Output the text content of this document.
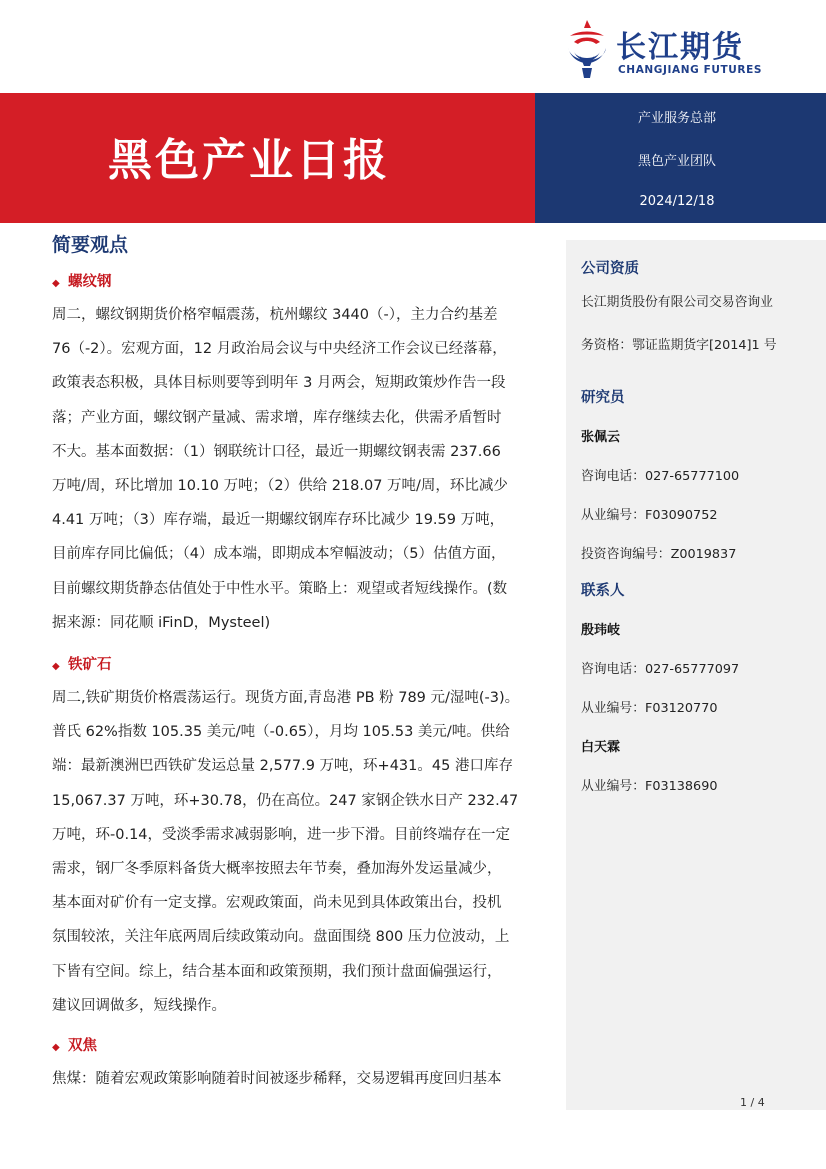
长江期货
CHANGJIANG FUTURES
黑色产业日报
产业服务总部
黑色产业团队
2024/12/18
简要观点
◆ 螺纹钢
周二，螺纹钢期货价格窄幅震荡，杭州螺纹 3440（-），主力合约基差
76（-2）。宏观方面，12 月政治局会议与中央经济工作会议已经落幕，
政策表态积极，具体目标则要等到明年 3 月两会，短期政策炒作告一段
落；产业方面，螺纹钢产量减、需求增，库存继续去化，供需矛盾暂时
不大。基本面数据：（1）钢联统计口径，最近一期螺纹钢表需 237.66
万吨/周，环比增加 10.10 万吨；（2）供给 218.07 万吨/周，环比减少
4.41 万吨；（3）库存端，最近一期螺纹钢库存环比减少 19.59 万吨，
目前库存同比偏低；（4）成本端，即期成本窄幅波动；（5）估值方面，
目前螺纹期货静态估值处于中性水平。策略上：观望或者短线操作。(数
据来源：同花顺 iFinD，Mysteel)
◆ 铁矿石
周二,铁矿期货价格震荡运行。现货方面,青岛港 PB 粉 789 元/湿吨(-3)。
普氏 62%指数 105.35 美元/吨（-0.65），月均 105.53 美元/吨。供给
端：最新澳洲巴西铁矿发运总量 2,577.9 万吨，环+431。45 港口库存
15,067.37 万吨，环+30.78，仍在高位。247 家钢企铁水日产 232.47
万吨，环-0.14，受淡季需求减弱影响，进一步下滑。目前终端存在一定
需求，钢厂冬季原料备货大概率按照去年节奏，叠加海外发运量减少，
基本面对矿价有一定支撑。宏观政策面，尚未见到具体政策出台，投机
氛围较浓，关注年底两周后续政策动向。盘面围绕 800 压力位波动，上
下皆有空间。综上，结合基本面和政策预期，我们预计盘面偏强运行，
建议回调做多，短线操作。
◆ 双焦
焦煤：随着宏观政策影响随着时间被逐步稀释，交易逻辑再度回归基本
公司资质
长江期货股份有限公司交易咨询业
务资格：鄂证监期货字[2014]1 号
研究员
张佩云
咨询电话：027-65777100
从业编号：F03090752
投资咨询编号：Z0019837
联系人
殷玮岐
咨询电话：027-65777097
从业编号：F03120770
白天霖
从业编号：F03138690
1 / 4
